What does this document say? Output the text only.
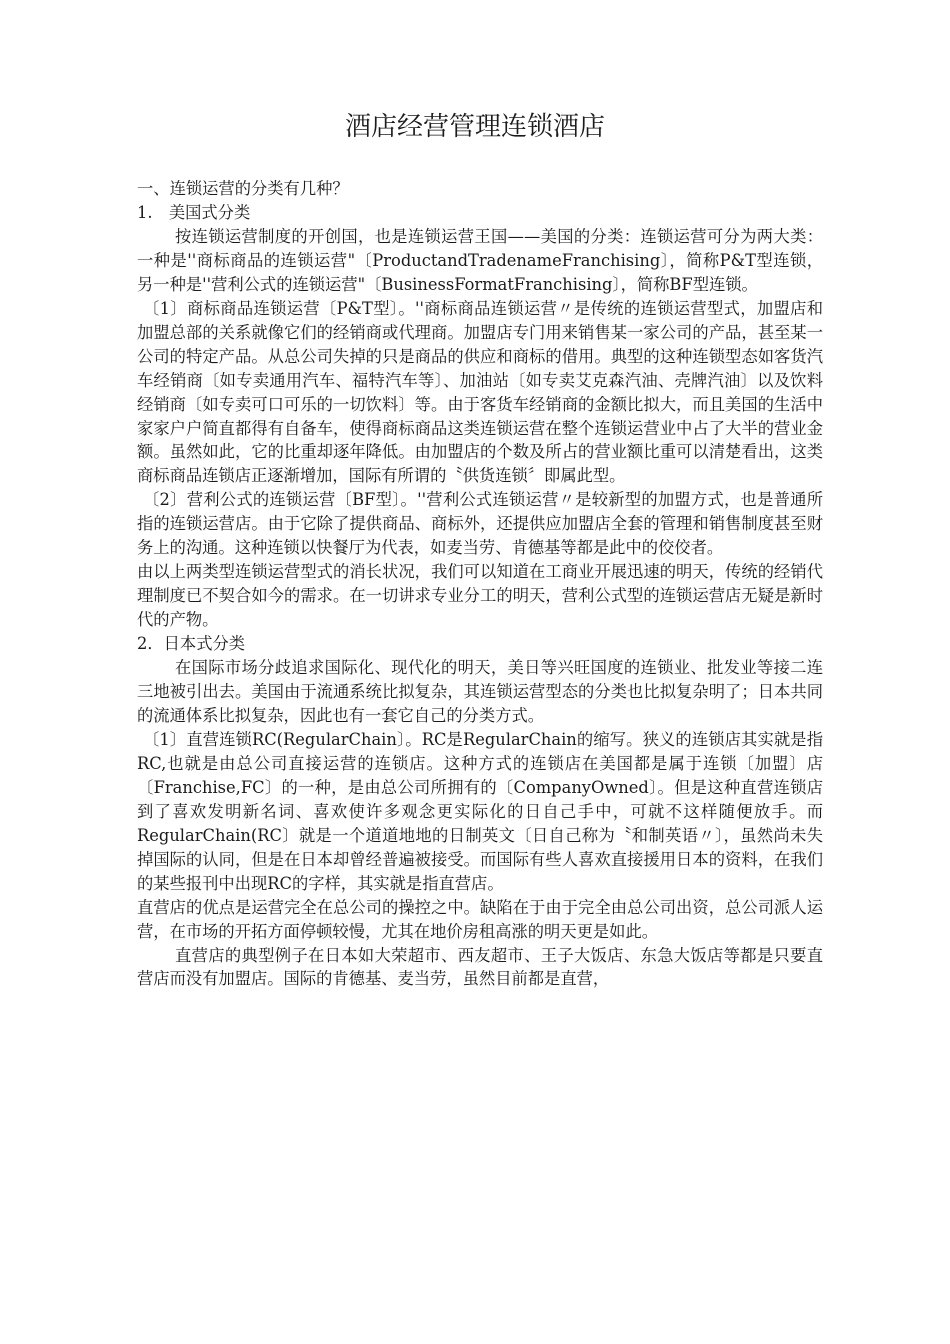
酒店经营管理连锁酒店

一、连锁运营的分类有几种？

1.　美国式分类

按连锁运营制度的开创国，也是连锁运营王国——美国的分类：连锁运营可分为两大类：一种是''商标商品的连锁运营"〔ProductandTradenameFranchising〕，简称P&T型连锁，另一种是''营利公式的连锁运营"〔BusinessFormatFranchising〕，简称BF型连锁。

〔1〕商标商品连锁运营〔P&T型〕。''商标商品连锁运营〃是传统的连锁运营型式，加盟店和加盟总部的关系就像它们的经销商或代理商。加盟店专门用来销售某一家公司的产品，甚至某一公司的特定产品。从总公司失掉的只是商品的供应和商标的借用。典型的这种连锁型态如客货汽车经销商〔如专卖通用汽车、福特汽车等〕、加油站〔如专卖艾克森汽油、壳牌汽油〕以及饮料经销商〔如专卖可口可乐的一切饮料〕等。由于客货车经销商的金额比拟大，而且美国的生活中家家户户简直都得有自备车，使得商标商品这类连锁运营在整个连锁运营业中占了大半的营业金额。虽然如此，它的比重却逐年降低。由加盟店的个数及所占的营业额比重可以清楚看出，这类商标商品连锁店正逐渐增加，国际有所谓的〝供货连锁〞即属此型。

〔2〕营利公式的连锁运营〔BF型〕。''营利公式连锁运营〃是较新型的加盟方式，也是普通所指的连锁运营店。由于它除了提供商品、商标外，还提供应加盟店全套的管理和销售制度甚至财务上的沟通。这种连锁以快餐厅为代表，如麦当劳、肯德基等都是此中的佼佼者。

由以上两类型连锁运营型式的消长状况，我们可以知道在工商业开展迅速的明天，传统的经销代理制度已不契合如今的需求。在一切讲求专业分工的明天，营利公式型的连锁运营店无疑是新时代的产物。

2．日本式分类

在国际市场分歧追求国际化、现代化的明天，美日等兴旺国度的连锁业、批发业等接二连三地被引出去。美国由于流通系统比拟复杂，其连锁运营型态的分类也比拟复杂明了；日本共同的流通体系比拟复杂，因此也有一套它自己的分类方式。

〔1〕直营连锁RC(RegularChain〕。RC是RegularChain的缩写。狭义的连锁店其实就是指RC,也就是由总公司直接运营的连锁店。这种方式的连锁店在美国都是属于连锁〔加盟〕店〔Franchise,FC〕的一种，是由总公司所拥有的〔CompanyOwned〕。但是这种直营连锁店到了喜欢发明新名词、喜欢使许多观念更实际化的日自己手中，可就不这样随便放手。而RegularChain(RC〕就是一个道道地地的日制英文〔日自己称为〝和制英语〃〕，虽然尚未失掉国际的认同，但是在日本却曾经普遍被接受。而国际有些人喜欢直接援用日本的资料，在我们的某些报刊中出现RC的字样，其实就是指直营店。

直营店的优点是运营完全在总公司的操控之中。缺陷在于由于完全由总公司出资，总公司派人运营，在市场的开拓方面停顿较慢，尤其在地价房租高涨的明天更是如此。

直营店的典型例子在日本如大荣超市、西友超市、王子大饭店、东急大饭店等都是只要直营店而没有加盟店。国际的肯德基、麦当劳，虽然目前都是直营，
